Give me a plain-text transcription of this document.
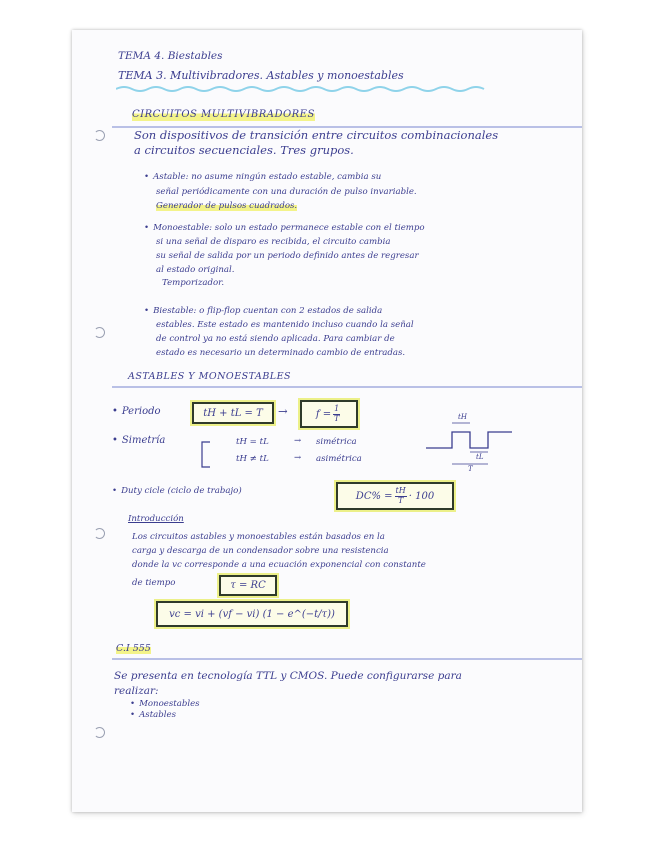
TEMA 4. Biestables

TEMA 3. Multivibradores. Astables y monoestables

CIRCUITOS MULTIVIBRADORES

Son dispositivos de transición entre circuitos combinacionales

a circuitos secuenciales. Tres grupos.

• Astable: no asume ningún estado estable, cambia su

señal periódicamente con una duración de pulso invariable.

Generador de pulsos cuadrados.

• Monoestable: solo un estado permanece estable con el tiempo

si una señal de disparo es recibida, el circuito cambia

su señal de salida por un periodo definido antes de regresar

al estado original.

Temporizador.

• Biestable: o flip-flop cuentan con 2 estados de salida

estables. Este estado es mantenido incluso cuando la señal

de control ya no está siendo aplicada. Para cambiar de

estado es necesario un determinado cambio de entradas.

ASTABLES Y MONOESTABLES

• Periodo	tH + tL = T →	$f = \frac{1}{T}$

• Simetría	tH = tL	→ simétrica

tH ≠ tL	→ asimétrica

tH

tL

T

• Duty cicle (ciclo de trabajo)	$DC\% = \frac{tH}{T} \cdot 100$

Introducción

Los circuitos astables y monoestables están basados en la

carga y descarga de un condensador sobre una resistencia

donde la vc corresponde a una ecuación exponencial con constante

de tiempo	τ = RC
vc = vi + (vf − vi) (1 − e^(−t/τ))

C.I 555

Se presenta en tecnología TTL y CMOS. Puede configurarse para

realizar:

• Monoestables

• Astables
